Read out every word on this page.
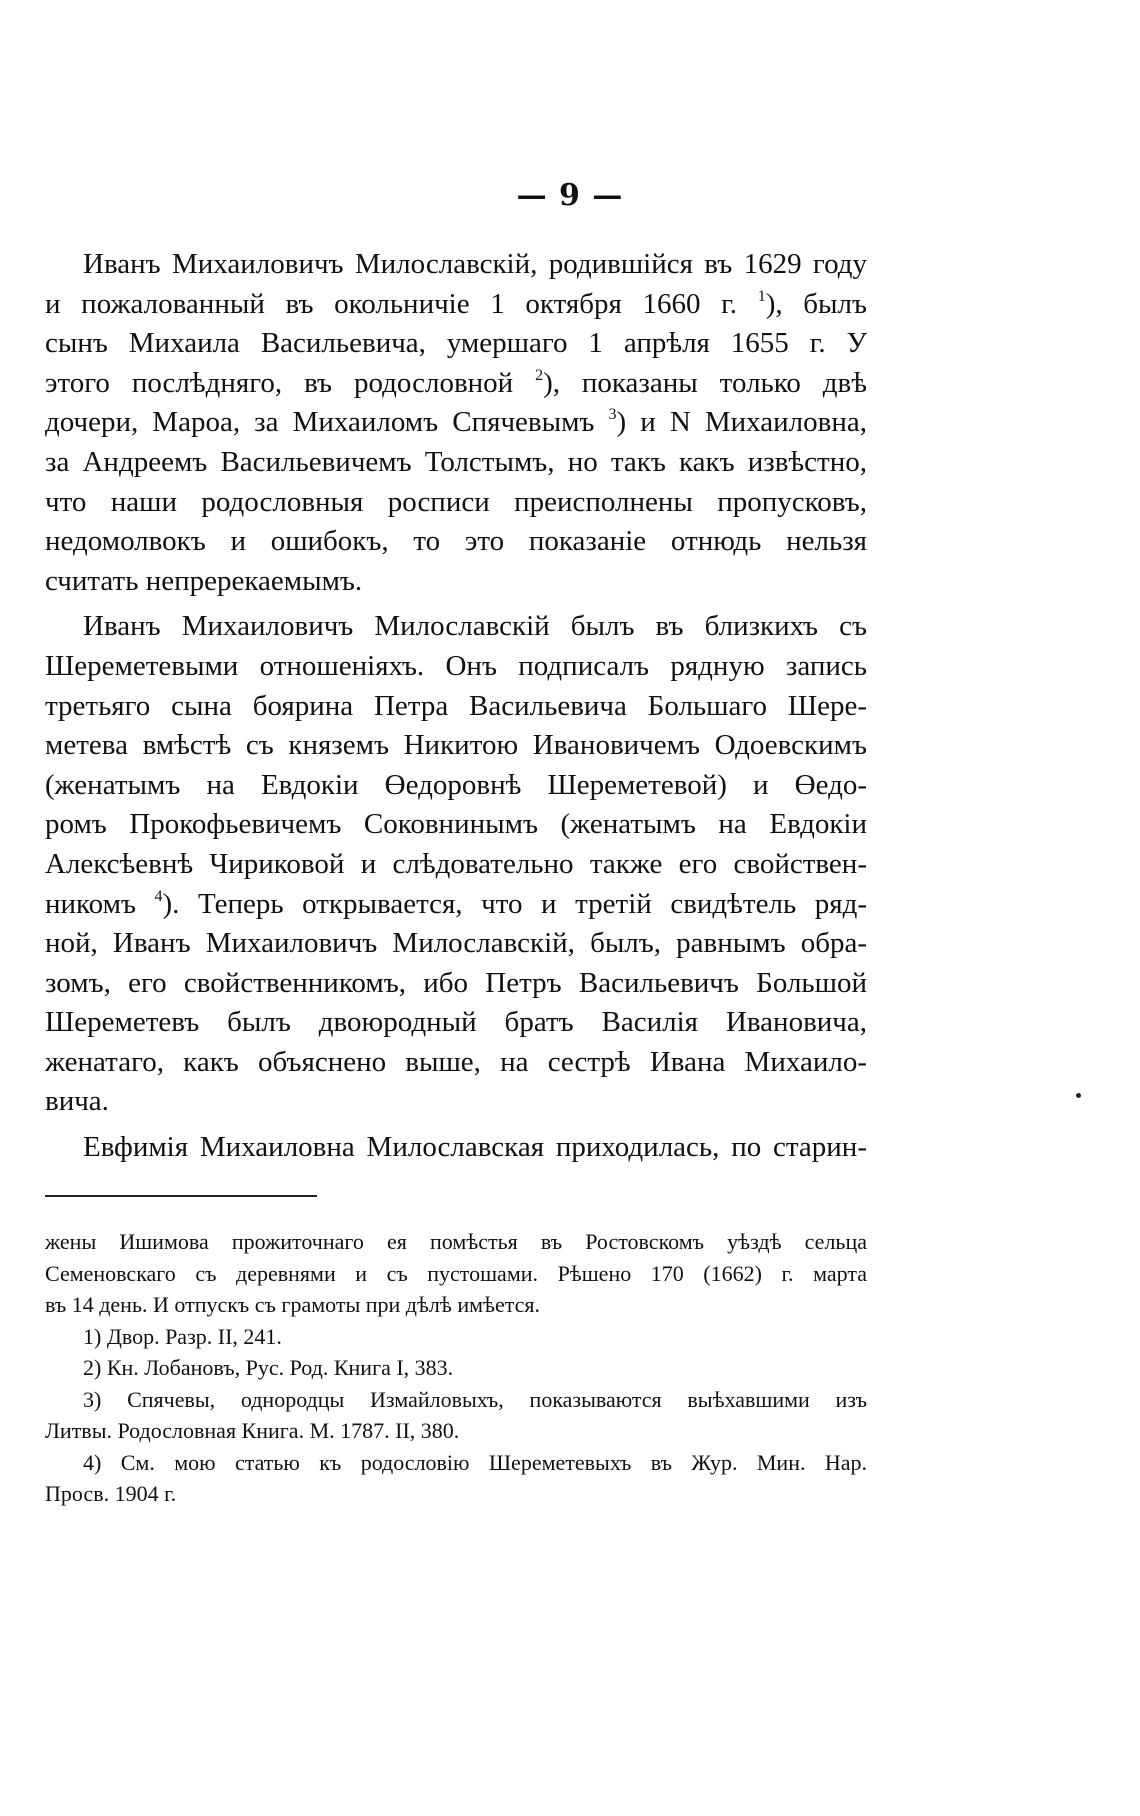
— 9 —

Иванъ Михаиловичъ Милославскій, родившійся въ 1629 году
и пожалованный въ окольничіе 1 октября 1660 г. $^1$), былъ
сынъ Михаила Васильевича, умершаго 1 апрѣля 1655 г. У
этого послѣдняго, въ родословной $^2$), показаны только двѣ
дочери, Мароа, за Михаиломъ Спячевымъ $^3$) и N Михаиловна,
за Андреемъ Васильевичемъ Толстымъ, но такъ какъ извѣстно,
что наши родословныя росписи преисполнены пропусковъ,
недомолвокъ и ошибокъ, то это показаніе отнюдь нельзя
считать непререкаемымъ.

Иванъ Михаиловичъ Милославскій былъ въ близкихъ съ
Шереметевыми отношеніяхъ. Онъ подписалъ рядную запись
третьяго сына боярина Петра Васильевича Большаго Шере-
метева вмѣстѣ съ княземъ Никитою Ивановичемъ Одоевскимъ
(женатымъ на Евдокіи Өедоровнѣ Шереметевой) и Өедо-
ромъ Прокофьевичемъ Соковнинымъ (женатымъ на Евдокіи
Алексѣевнѣ Чириковой и слѣдовательно также его свойствен-
никомъ $^4$). Теперь открывается, что и третій свидѣтель ряд-
ной, Иванъ Михаиловичъ Милославскій, былъ, равнымъ обра-
зомъ, его свойственникомъ, ибо Петръ Васильевичъ Большой
Шереметевъ былъ двоюродный братъ Василія Ивановича,
женатаго, какъ объяснено выше, на сестрѣ Ивана Михаило-
вича.

Евфимія Михаиловна Милославская приходилась, по старин-

жены Ишимова прожиточнаго ея помѣстья въ Ростовскомъ уѣздѣ сельца
Семеновскаго съ деревнями и съ пустошами. Рѣшено 170 (1662) г. марта
въ 14 день. И отпускъ съ грамоты при дѣлѣ имѣется.
1) Двор. Разр. II, 241.
2) Кн. Лобановъ, Рус. Род. Книга I, 383.
3) Спячевы, однородцы Измайловыхъ, показываются выѣхавшими изъ
Литвы. Родословная Книга. М. 1787. II, 380.
4) См. мою статью къ родословію Шереметевыхъ въ Жур. Мин. Нар.
Просв. 1904 г.
